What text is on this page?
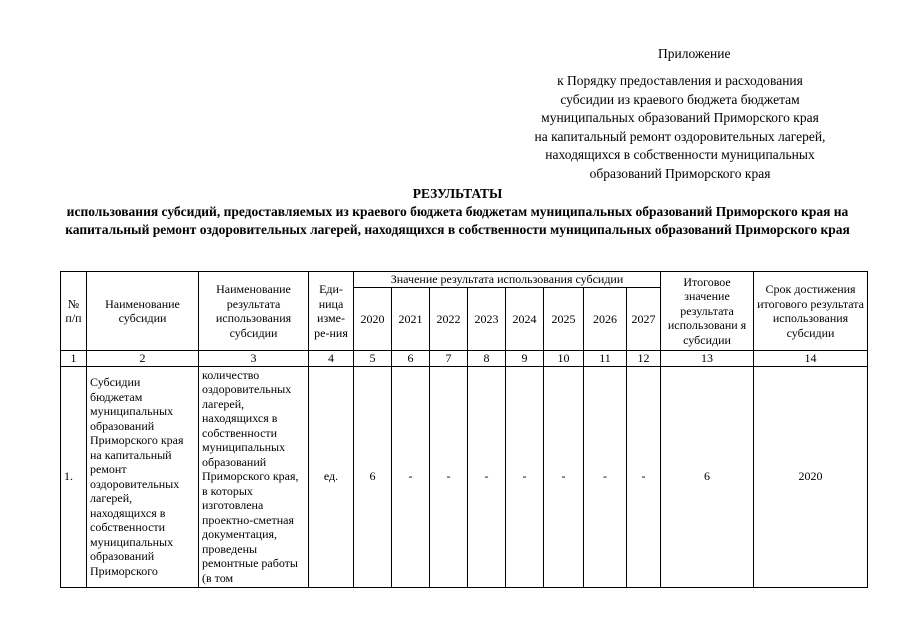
Приложение
к Порядку предоставления и расходования
субсидии из краевого бюджета бюджетам
муниципальных образований Приморского края
на капитальный ремонт оздоровительных лагерей,
находящихся в собственности муниципальных
образований Приморского края
РЕЗУЛЬТАТЫ
использования субсидий, предоставляемых из краевого бюджета бюджетам муниципальных образований Приморского края на капитальный ремонт оздоровительных лагерей, находящихся в собственности муниципальных образований Приморского края
№ п/п	Наименование субсидии	Наименование результата использования субсидии	Еди-ница изме-ре-ния	Значение результата использования субсидии								Итоговое значение результата использовани я субсидии	Срок достижения итогового результата использования субсидии
				2020	2021	2022	2023	2024	2025	2026	2027		
1	2	3	4	5	6	7	8	9	10	11	12	13	14
1.	Субсидии бюджетам муниципальных образований Приморского края на капитальный ремонт оздоровительных лагерей, находящихся в собственности муниципальных образований Приморского	количество оздоровительных лагерей, находящихся в собственности муниципальных образований Приморского края, в которых изготовлена проектно-сметная документация, проведены ремонтные работы (в том	ед.	6	-	-	-	-	-	-	-	6	2020
